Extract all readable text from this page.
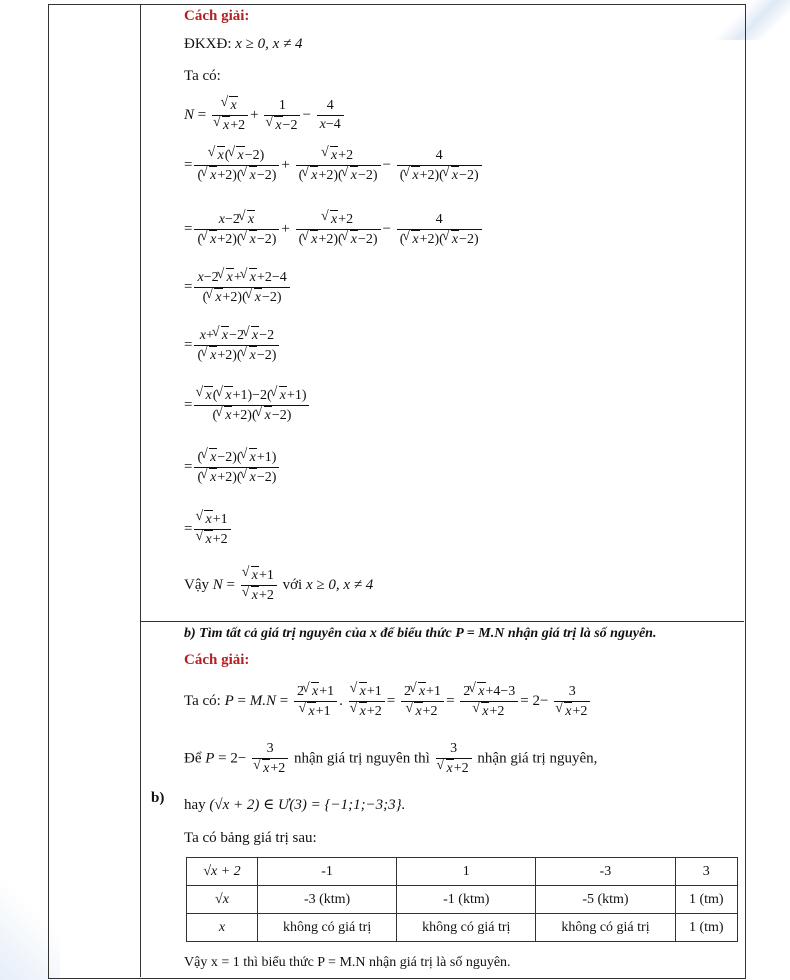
b)
Cách giải:
ĐKXĐ: x ≥ 0, x ≠ 4
Ta có:
N = √ x
√ x+2 + 1
√ $x-2 - \frac{4}{x-4}$
= √ $\frac{x( √ x-2)}{( √ x+2)( √ x-2)}$ + √ $\frac{x+2}{( √ x+2)( √ x-2)} - \frac{4}{( √ x+2)( √ x-2)}$
= $\frac{x-2 √ x}{( √ x+2)( √ x-2)}$ + √ $\frac{x+2}{( √ x+2)( √ x-2)} - \frac{4}{( √ x+2)( √ x-2)}$
= $\frac{x-2 √ x+ √ x+2-4}{( √ x+2)( √ x-2)}$
= $\frac{x+ √ x-2 √ x-2}{( √ x+2)( √ x-2)}$
= √ $\frac{x( √ x+1)-2( √ x+1)}{( √ x+2)( √ x-2)}$
= $\frac{( √ x-2)( √ x+1)}{( √ x+2)( √ x-2)}$
= √ x+1
√ x+2
Vậy N = √ x+1
√ x+2 với x ≥ 0, x ≠ 4
b) Tìm tất cả giá trị nguyên của x để biểu thức P = M.N nhận giá trị là số nguyên.
Cách giải:
Ta có: P = M.N = 2 √ x+1
√ x+1 . √ x+1
√ x+2 = 2 √ x+1
√ x+2 = 2 √ x+4−3
√ x+2 = 2− 3
√ x+2
Để P = 2− 3
√ x+2 nhận giá trị nguyên thì 3
√ x+2 nhận giá trị nguyên,
hay (√x + 2) ∈ Ư(3) = {−1;1;−3;3}.
Ta có bảng giá trị sau:
√x + 2	-1	1	-3	3
√x	-3 (ktm)	-1 (ktm)	-5 (ktm)	1 (tm)
x	không có giá trị	không có giá trị	không có giá trị	1 (tm)
Vậy x = 1 thì biểu thức P = M.N nhận giá trị là số nguyên.
